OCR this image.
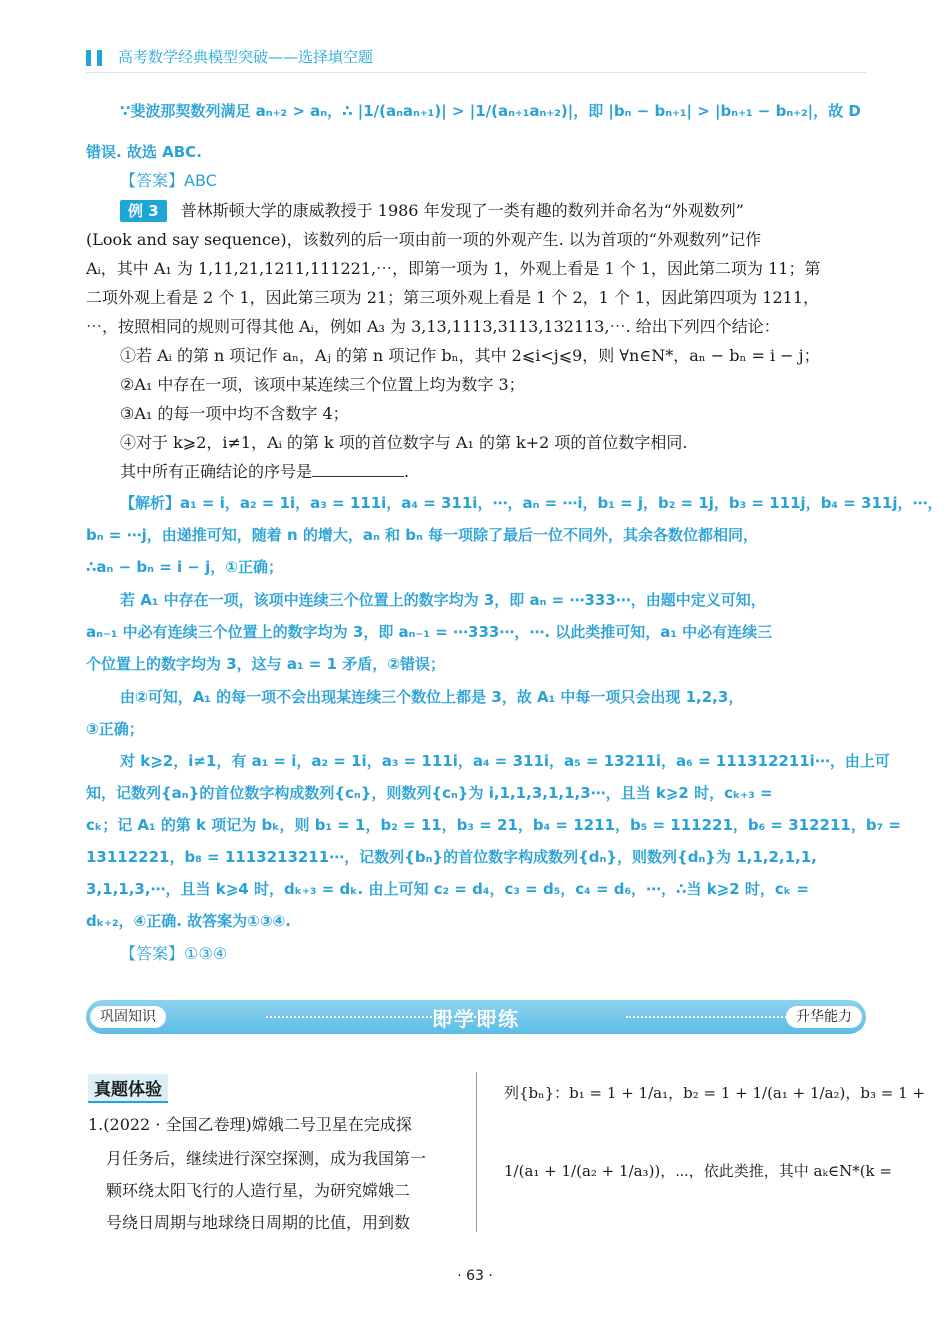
高考数学经典模型突破——选择填空题
∵斐波那契数列满足 aₙ₊₂ > aₙ，∴ |1/(aₙaₙ₊₁)| > |1/(aₙ₊₁aₙ₊₂)|，即 |bₙ − bₙ₊₁| > |bₙ₊₁ − bₙ₊₂|，故 D
错误. 故选 ABC.
【答案】ABC
例 3 普林斯顿大学的康威教授于 1986 年发现了一类有趣的数列并命名为“外观数列”
(Look and say sequence)，该数列的后一项由前一项的外观产生. 以为首项的“外观数列”记作
Aᵢ，其中 A₁ 为 1,11,21,1211,111221,⋯，即第一项为 1，外观上看是 1 个 1，因此第二项为 11；第
二项外观上看是 2 个 1，因此第三项为 21；第三项外观上看是 1 个 2，1 个 1，因此第四项为 1211，
⋯，按照相同的规则可得其他 Aᵢ，例如 A₃ 为 3,13,1113,3113,132113,⋯. 给出下列四个结论：
①若 Aᵢ 的第 n 项记作 aₙ，Aⱼ 的第 n 项记作 bₙ，其中 2⩽i<j⩽9，则 ∀n∈N*，aₙ − bₙ = i − j；
②A₁ 中存在一项，该项中某连续三个位置上均为数字 3；
③A₁ 的每一项中均不含数字 4；
④对于 k⩾2，i≠1，Aᵢ 的第 k 项的首位数字与 A₁ 的第 k+2 项的首位数字相同.
其中所有正确结论的序号是	.
【解析】a₁ = i，a₂ = 1i，a₃ = 111i，a₄ = 311i，⋯，aₙ = ⋯i，b₁ = j，b₂ = 1j，b₃ = 111j，b₄ = 311j，⋯，
bₙ = ⋯j，由递推可知，随着 n 的增大，aₙ 和 bₙ 每一项除了最后一位不同外，其余各数位都相同，
∴aₙ − bₙ = i − j，①正确；
若 A₁ 中存在一项，该项中连续三个位置上的数字均为 3，即 aₙ = ⋯333⋯，由题中定义可知，
aₙ₋₁ 中必有连续三个位置上的数字均为 3，即 aₙ₋₁ = ⋯333⋯，⋯. 以此类推可知，a₁ 中必有连续三
个位置上的数字均为 3，这与 a₁ = 1 矛盾，②错误；
由②可知，A₁ 的每一项不会出现某连续三个数位上都是 3，故 A₁ 中每一项只会出现 1,2,3，
③正确；
对 k⩾2，i≠1，有 a₁ = i，a₂ = 1i，a₃ = 111i，a₄ = 311i，a₅ = 13211i，a₆ = 111312211i⋯，由上可
知，记数列{aₙ}的首位数字构成数列{cₙ}，则数列{cₙ}为 i,1,1,3,1,1,3⋯，且当 k⩾2 时，cₖ₊₃ =
cₖ；记 A₁ 的第 k 项记为 bₖ，则 b₁ = 1，b₂ = 11，b₃ = 21，b₄ = 1211，b₅ = 111221，b₆ = 312211，b₇ =
13112221，b₈ = 1113213211⋯，记数列{bₙ}的首位数字构成数列{dₙ}，则数列{dₙ}为 1,1,2,1,1,
3,1,1,3,⋯，且当 k⩾4 时，dₖ₊₃ = dₖ. 由上可知 c₂ = d₄，c₃ = d₅，c₄ = d₆，⋯，∴当 k⩾2 时，cₖ =
dₖ₊₂，④正确. 故答案为①③④.
【答案】①③④
巩固知识	即学即练	升华能力
真题体验
1.(2022 · 全国乙卷理)嫦娥二号卫星在完成探
月任务后，继续进行深空探测，成为我国第一
颗环绕太阳飞行的人造行星，为研究嫦娥二
号绕日周期与地球绕日周期的比值，用到数
列{bₙ}：b₁ = 1 + 1/a₁，b₂ = 1 + 1/(a₁ + 1/a₂)，b₃ = 1 +
1/(a₁ + 1/(a₂ + 1/a₃))，⋯，依此类推，其中 aₖ∈N*(k =
· 63 ·
